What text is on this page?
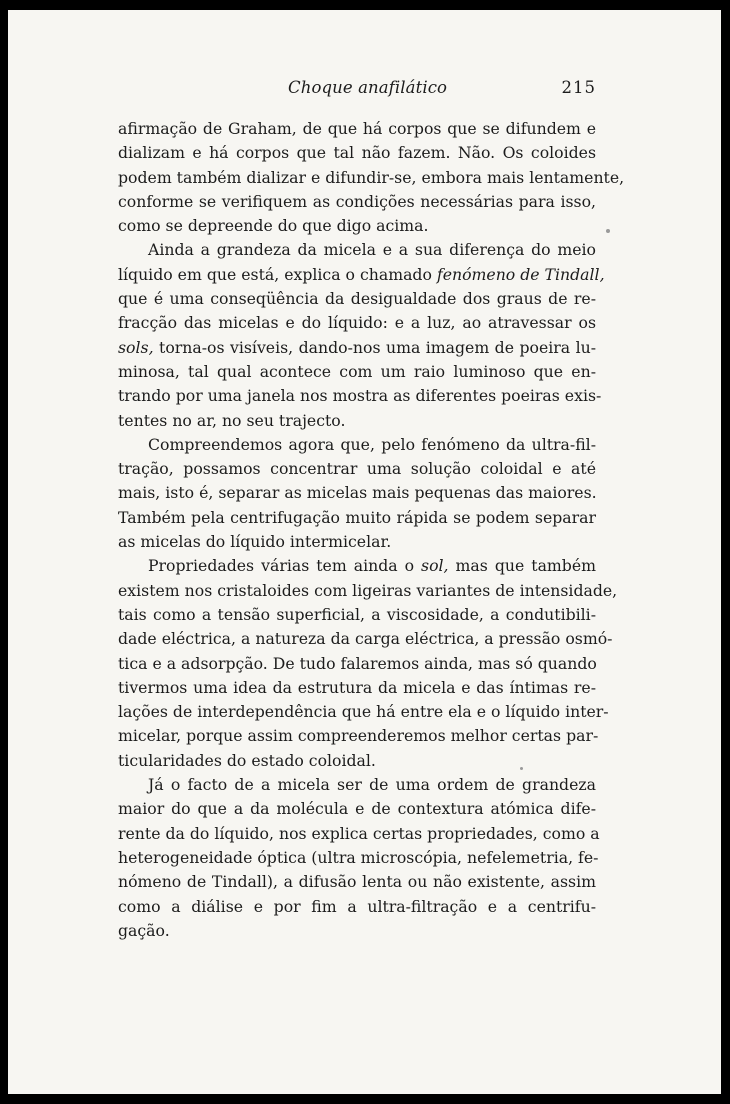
Choque anafilático	215

afirmação de Graham, de que há corpos que se difundem e
dializam e há corpos que tal não fazem. Não. Os coloides
podem também dializar e difundir-se, embora mais lentamente,
conforme se verifiquem as condições necessárias para isso,
como se depreende do que digo acima.

Ainda a grandeza da micela e a sua diferença do meio
líquido em que está, explica o chamado fenómeno de Tindall,
que é uma conseqüência da desigualdade dos graus de re-
fracção das micelas e do líquido: e a luz, ao atravessar os
sols, torna-os visíveis, dando-nos uma imagem de poeira lu-
minosa, tal qual acontece com um raio luminoso que en-
trando por uma janela nos mostra as diferentes poeiras exis-
tentes no ar, no seu trajecto.

Compreendemos agora que, pelo fenómeno da ultra-fil-
tração, possamos concentrar uma solução coloidal e até
mais, isto é, separar as micelas mais pequenas das maiores.
Também pela centrifugação muito rápida se podem separar
as micelas do líquido intermicelar.

Propriedades várias tem ainda o sol, mas que também
existem nos cristaloides com ligeiras variantes de intensidade,
tais como a tensão superficial, a viscosidade, a condutibili-
dade eléctrica, a natureza da carga eléctrica, a pressão osmó-
tica e a adsorpção. De tudo falaremos ainda, mas só quando
tivermos uma idea da estrutura da micela e das íntimas re-
lações de interdependência que há entre ela e o líquido inter-
micelar, porque assim compreenderemos melhor certas par-
ticularidades do estado coloidal.

Já o facto de a micela ser de uma ordem de grandeza
maior do que a da molécula e de contextura atómica dife-
rente da do líquido, nos explica certas propriedades, como a
heterogeneidade óptica (ultra microscópia, nefelemetria, fe-
nómeno de Tindall), a difusão lenta ou não existente, assim
como a diálise e por fim a ultra-filtração e a centrifu-
gação.
